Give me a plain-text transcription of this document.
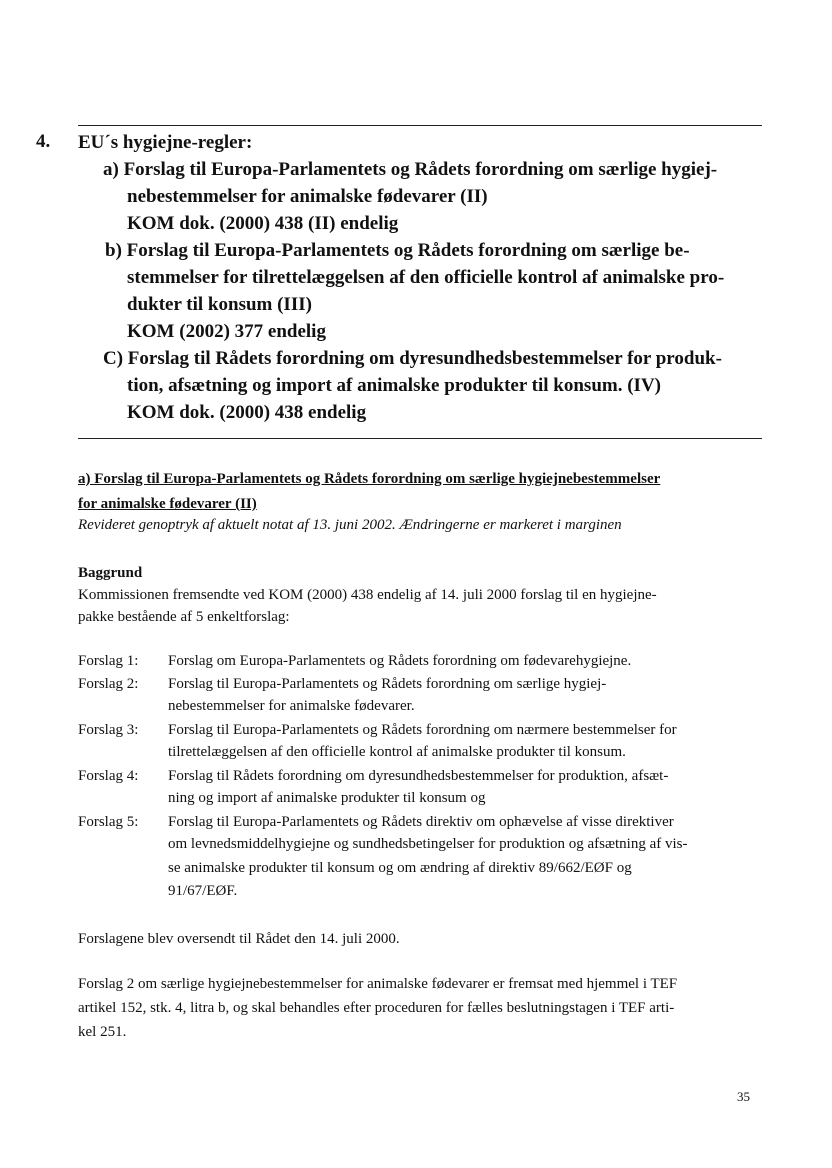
4. EU´s hygiejne-regler:
a) Forslag til Europa-Parlamentets og Rådets forordning om særlige hygiej-
nebestemmelser for animalske fødevarer (II)
KOM dok. (2000) 438 (II) endelig
b) Forslag til Europa-Parlamentets og Rådets forordning om særlige be-
stemmelser for tilrettelæggelsen af den officielle kontrol af animalske pro-
dukter til konsum (III)
KOM (2002) 377 endelig
C) Forslag til Rådets forordning om dyresundhedsbestemmelser for produk-
tion, afsætning og import af animalske produkter til konsum. (IV)
KOM dok. (2000) 438 endelig
a) Forslag til Europa-Parlamentets og Rådets forordning om særlige hygiejnebestemmelser
for animalske fødevarer (II)
Revideret genoptryk af aktuelt notat af 13. juni 2002. Ændringerne er markeret i marginen
Baggrund
Kommissionen fremsendte ved KOM (2000) 438 endelig af 14. juli 2000 forslag til en hygiejne-
pakke bestående af 5 enkeltforslag:
Forslag 1: Forslag om Europa-Parlamentets og Rådets forordning om fødevarehygiejne.
Forslag 2: Forslag til Europa-Parlamentets og Rådets forordning om særlige hygiej-
nebestemmelser for animalske fødevarer.
Forslag 3: Forslag til Europa-Parlamentets og Rådets forordning om nærmere bestemmelser for
tilrettelæggelsen af den officielle kontrol af animalske produkter til konsum.
Forslag 4: Forslag til Rådets forordning om dyresundhedsbestemmelser for produktion, afsæt-
ning og import af animalske produkter til konsum og
Forslag 5: Forslag til Europa-Parlamentets og Rådets direktiv om ophævelse af visse direktiver
om levnedsmiddelhygiejne og sundhedsbetingelser for produktion og afsætning af vis-
se animalske produkter til konsum og om ændring af direktiv 89/662/EØF og
91/67/EØF.
Forslagene blev oversendt til Rådet den 14. juli 2000.
Forslag 2 om særlige hygiejnebestemmelser for animalske fødevarer er fremsat med hjemmel i TEF
artikel 152, stk. 4, litra b, og skal behandles efter proceduren for fælles beslutningstagen i TEF arti-
kel 251.
35
